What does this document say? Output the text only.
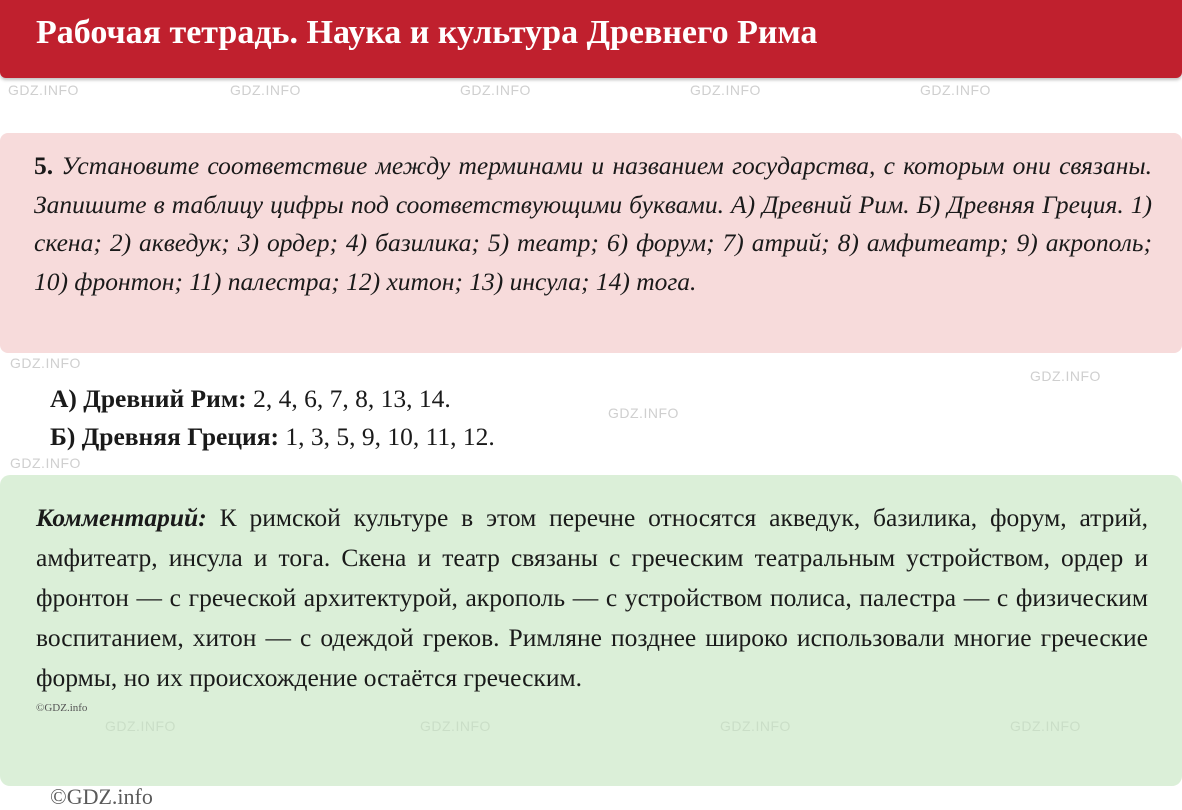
GDZ.INFO	GDZ.INFO	GDZ.INFO	GDZ.INFO	GDZ.INFO
GDZ.INFO
GDZ.INFO
GDZ.INFO
GDZ.INFO
Рабочая тетрадь. Наука и культура Древнего Рима
5. Установите соответствие между терминами и названием государства, с которым они связаны. Запишите в таблицу цифры под соответствующими буквами. А) Древний Рим. Б) Древняя Греция. 1) скена; 2) акведук; 3) ордер; 4) базилика; 5) театр; 6) форум; 7) атрий; 8) амфитеатр; 9) акрополь; 10) фронтон; 11) палестра; 12) хитон; 13) инсула; 14) тога.
А) Древний Рим: 2, 4, 6, 7, 8, 13, 14.
Б) Древняя Греция: 1, 3, 5, 9, 10, 11, 12.
Комментарий: К римской культуре в этом перечне относятся акведук, базилика, форум, атрий, амфитеатр, инсула и тога. Скена и театр связаны с греческим театральным устройством, ордер и фронтон — с греческой архитектурой, акрополь — с устройством полиса, палестра — с физическим воспитанием, хитон — с одеждой греков. Римляне позднее широко использовали многие греческие формы, но их происхождение остаётся греческим.
©GDZ.info
©GDZ.info
